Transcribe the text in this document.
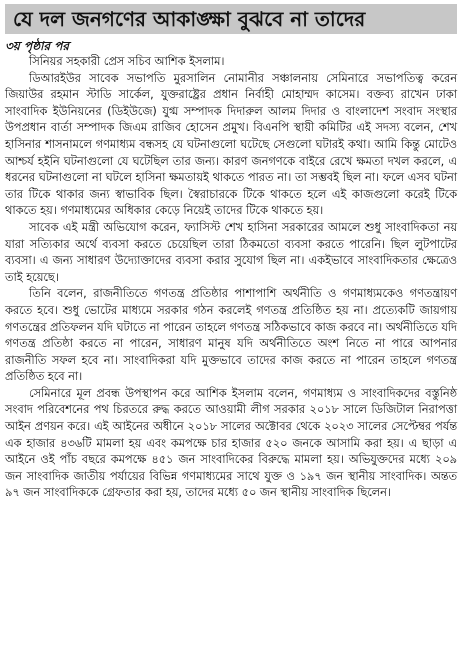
যে দল জনগণের আকাঙ্ক্ষা বুঝবে না তাদের
৩য় পৃষ্ঠার পর

সিনিয়র সহকারী প্রেস সচিব আশিক ইসলাম।

ডিআরইউর সাবেক সভাপতি মুরসালিন নোমানীর সঞ্চালনায় সেমিনারে সভাপতিত্ব করেন জিয়াউর রহমান স্টাডি সার্কেল, যুক্তরাষ্ট্রের প্রধান নির্বাহী মোহাম্মদ কাসেম। বক্তব্য রাখেন ঢাকা সাংবাদিক ইউনিয়নের (ডিইউজে) যুগ্ম সম্পাদক দিদারুল আলম দিদার ও বাংলাদেশ সংবাদ সংস্থার উপপ্রধান বার্তা সম্পাদক জিএম রাজিব হোসেন প্রমুখ। বিএনপি স্থায়ী কমিটির এই সদস্য বলেন, শেখ হাসিনার শাসনামলে গণমাধ্যম বন্ধসহ যে ঘটনাগুলো ঘটেছে সেগুলো ঘটারই কথা। আমি কিন্তু মোটেও আশ্চর্য হইনি ঘটনাগুলো যে ঘটেছিল তার জন্য। কারণ জনগণকে বাইরে রেখে ক্ষমতা দখল করলে, এ ধরনের ঘটনাগুলো না ঘটলে হাসিনা ক্ষমতায়ই থাকতে পারত না। তা সম্ভবই ছিল না। ফলে এসব ঘটনা তার টিকে থাকার জন্য স্বাভাবিক ছিল। স্বৈরাচারকে টিকে থাকতে হলে এই কাজগুলো করেই টিকে থাকতে হয়। গণমাধ্যমের অধিকার কেড়ে নিয়েই তাদের টিকে থাকতে হয়।

সাবেক এই মন্ত্রী অভিযোগ করেন, ফ্যাসিস্ট শেখ হাসিনা সরকারের আমলে শুধু সাংবাদিকতা নয় যারা সত্যিকার অর্থে ব্যবসা করতে চেয়েছিল তারা ঠিকমতো ব্যবসা করতে পারেনি। ছিল লুটপাটের ব্যবসা। এ জন্য সাধারণ উদ্যোক্তাদের ব্যবসা করার সুযোগ ছিল না। একইভাবে সাংবাদিকতার ক্ষেত্রেও তাই হয়েছে।

তিনি বলেন, রাজনীতিতে গণতন্ত্র প্রতিষ্ঠার পাশাপাশি অর্থনীতি ও গণমাধ্যমকেও গণতন্ত্রায়ণ করতে হবে। শুধু ভোটের মাধ্যমে সরকার গঠন করলেই গণতন্ত্র প্রতিষ্ঠিত হয় না। প্রত্যেকটি জায়গায় গণতন্ত্রের প্রতিফলন যদি ঘটাতে না পারেন তাহলে গণতন্ত্র সঠিকভাবে কাজ করবে না। অর্থনীতিতে যদি গণতন্ত্র প্রতিষ্ঠা করতে না পারেন, সাধারণ মানুষ যদি অর্থনীতিতে অংশ নিতে না পারে আপনার রাজনীতি সফল হবে না। সাংবাদিকরা যদি মুক্তভাবে তাদের কাজ করতে না পারেন তাহলে গণতন্ত্র প্রতিষ্ঠিত হবে না।

সেমিনারে মূল প্রবন্ধ উপস্থাপন করে আশিক ইসলাম বলেন, গণমাধ্যম ও সাংবাদিকদের বস্তুনিষ্ঠ সংবাদ পরিবেশনের পথ চিরতরে রুদ্ধ করতে আওয়ামী লীগ সরকার ২০১৮ সালে ডিজিটাল নিরাপত্তা আইন প্রণয়ন করে। এই আইনের অধীনে ২০১৮ সালের অক্টোবর থেকে ২০২৩ সালের সেপ্টেম্বর পর্যন্ত এক হাজার ৪৩৬টি মামলা হয় এবং কমপক্ষে চার হাজার ৫২০ জনকে আসামি করা হয়। এ ছাড়া এ আইনে ওই পাঁচ বছরে কমপক্ষে ৪৫১ জন সাংবাদিকের বিরুদ্ধে মামলা হয়। অভিযুক্তদের মধ্যে ২০৯ জন সাংবাদিক জাতীয় পর্যায়ের বিভিন্ন গণমাধ্যমের সাথে যুক্ত ও ১৯৭ জন স্থানীয় সাংবাদিক। অন্তত ৯৭ জন সাংবাদিককে গ্রেফতার করা হয়, তাদের মধ্যে ৫০ জন স্থানীয় সাংবাদিক ছিলেন।
